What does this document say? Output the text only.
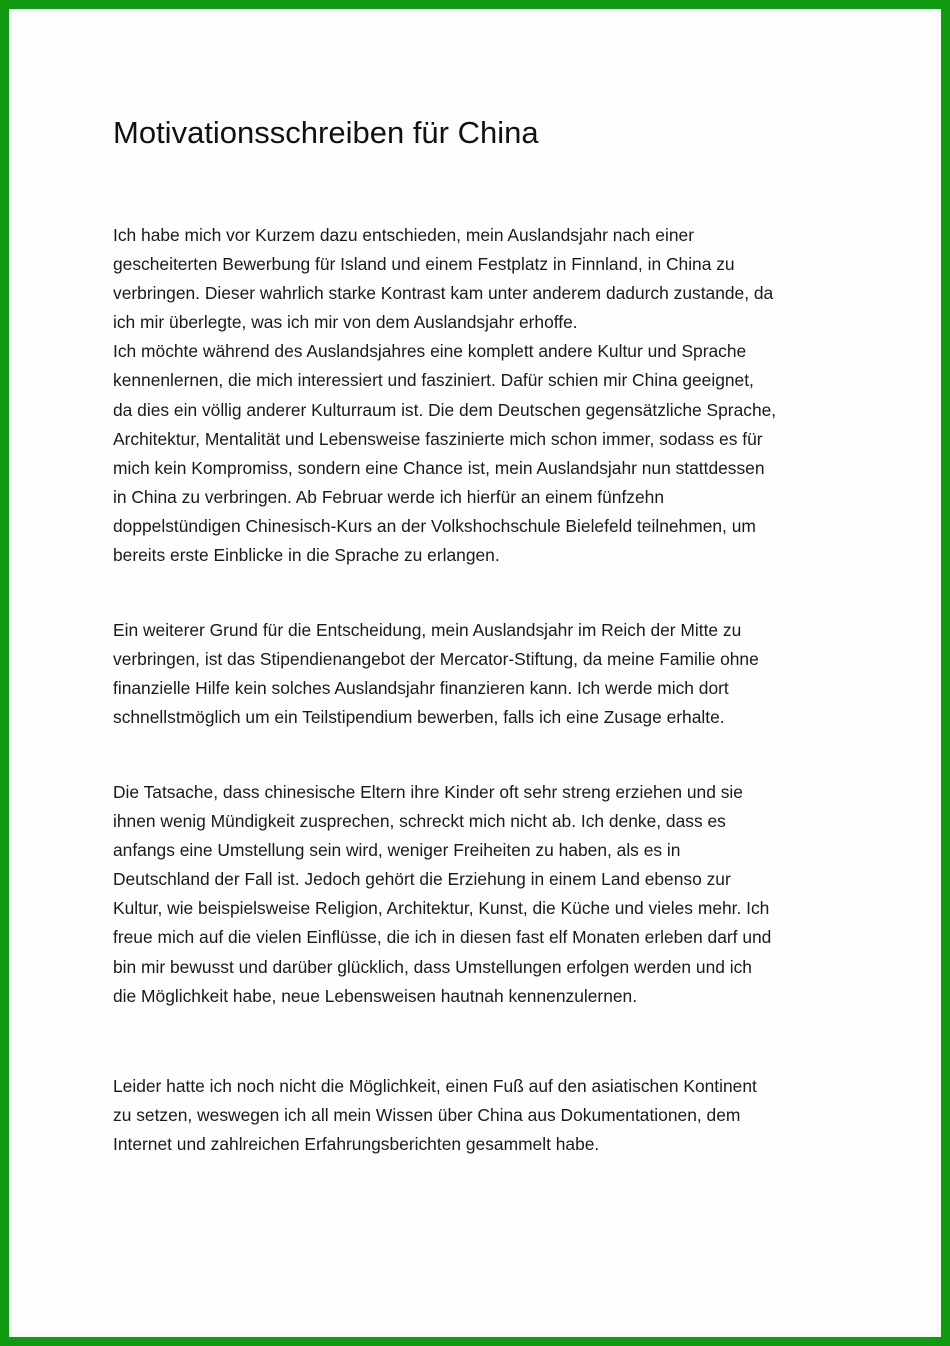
Motivationsschreiben für China
Ich habe mich vor Kurzem dazu entschieden, mein Auslandsjahr nach einer
gescheiterten Bewerbung für Island und einem Festplatz in Finnland, in China zu
verbringen. Dieser wahrlich starke Kontrast kam unter anderem dadurch zustande, da
ich mir überlegte, was ich mir von dem Auslandsjahr erhoffe.
Ich möchte während des Auslandsjahres eine komplett andere Kultur und Sprache
kennenlernen, die mich interessiert und fasziniert. Dafür schien mir China geeignet,
da dies ein völlig anderer Kulturraum ist. Die dem Deutschen gegensätzliche Sprache,
Architektur, Mentalität und Lebensweise faszinierte mich schon immer, sodass es für
mich kein Kompromiss, sondern eine Chance ist, mein Auslandsjahr nun stattdessen
in China zu verbringen. Ab Februar werde ich hierfür an einem fünfzehn
doppelstündigen Chinesisch-Kurs an der Volkshochschule Bielefeld teilnehmen, um
bereits erste Einblicke in die Sprache zu erlangen.
Ein weiterer Grund für die Entscheidung, mein Auslandsjahr im Reich der Mitte zu
verbringen, ist das Stipendienangebot der Mercator-Stiftung, da meine Familie ohne
finanzielle Hilfe kein solches Auslandsjahr finanzieren kann. Ich werde mich dort
schnellstmöglich um ein Teilstipendium bewerben, falls ich eine Zusage erhalte.
Die Tatsache, dass chinesische Eltern ihre Kinder oft sehr streng erziehen und sie
ihnen wenig Mündigkeit zusprechen, schreckt mich nicht ab. Ich denke, dass es
anfangs eine Umstellung sein wird, weniger Freiheiten zu haben, als es in
Deutschland der Fall ist. Jedoch gehört die Erziehung in einem Land ebenso zur
Kultur, wie beispielsweise Religion, Architektur, Kunst, die Küche und vieles mehr. Ich
freue mich auf die vielen Einflüsse, die ich in diesen fast elf Monaten erleben darf und
bin mir bewusst und darüber glücklich, dass Umstellungen erfolgen werden und ich
die Möglichkeit habe, neue Lebensweisen hautnah kennenzulernen.
Leider hatte ich noch nicht die Möglichkeit, einen Fuß auf den asiatischen Kontinent
zu setzen, weswegen ich all mein Wissen über China aus Dokumentationen, dem
Internet und zahlreichen Erfahrungsberichten gesammelt habe.
